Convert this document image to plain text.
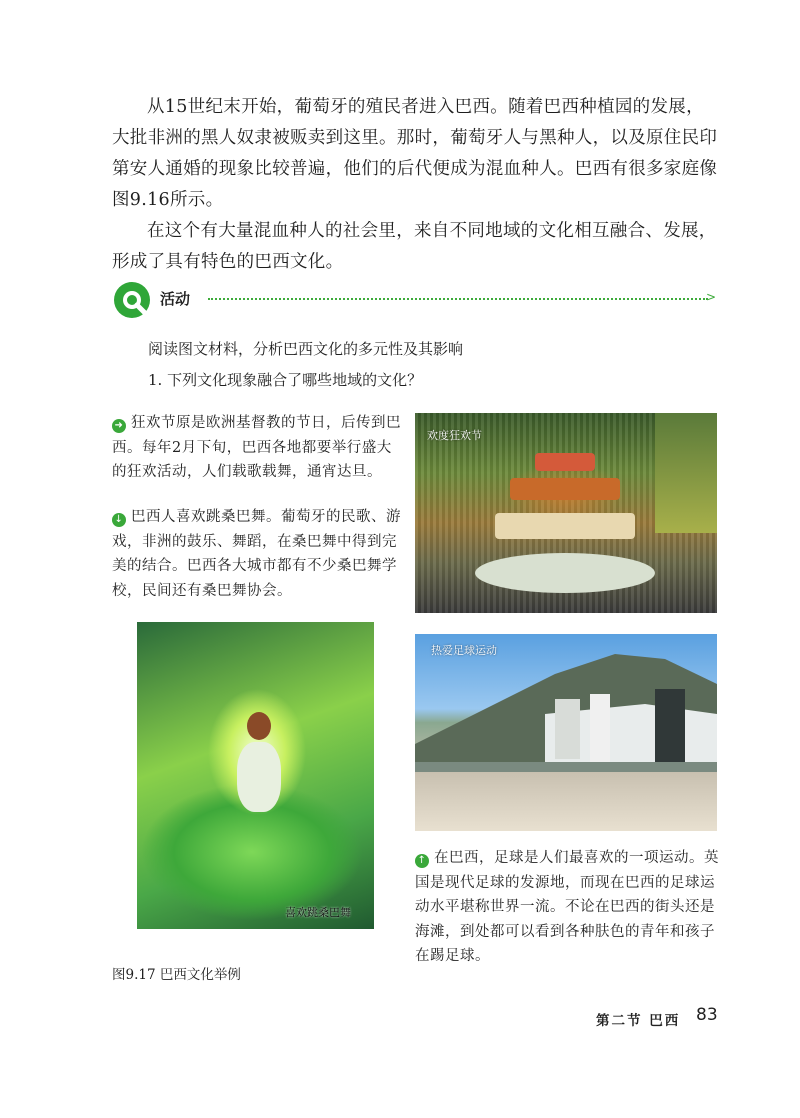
从15世纪末开始，葡萄牙的殖民者进入巴西。随着巴西种植园的发展，大批非洲的黑人奴隶被贩卖到这里。那时，葡萄牙人与黑种人，以及原住民印第安人通婚的现象比较普遍，他们的后代便成为混血种人。巴西有很多家庭像图9.16所示。

在这个有大量混血种人的社会里，来自不同地域的文化相互融合、发展，形成了具有特色的巴西文化。

活动	>
阅读图文材料，分析巴西文化的多元性及其影响
1. 下列文化现象融合了哪些地域的文化？
➜ 狂欢节原是欧洲基督教的节日，后传到巴西。每年2月下旬，巴西各地都要举行盛大的狂欢活动，人们载歌载舞，通宵达旦。
↓ 巴西人喜欢跳桑巴舞。葡萄牙的民歌、游戏，非洲的鼓乐、舞蹈，在桑巴舞中得到完美的结合。巴西各大城市都有不少桑巴舞学校，民间还有桑巴舞协会。
欢度狂欢节
喜欢跳桑巴舞
热爱足球运动
↑ 在巴西，足球是人们最喜欢的一项运动。英国是现代足球的发源地，而现在巴西的足球运动水平堪称世界一流。不论在巴西的街头还是海滩，到处都可以看到各种肤色的青年和孩子在踢足球。
图9.17 巴西文化举例
第二节 巴西 83
